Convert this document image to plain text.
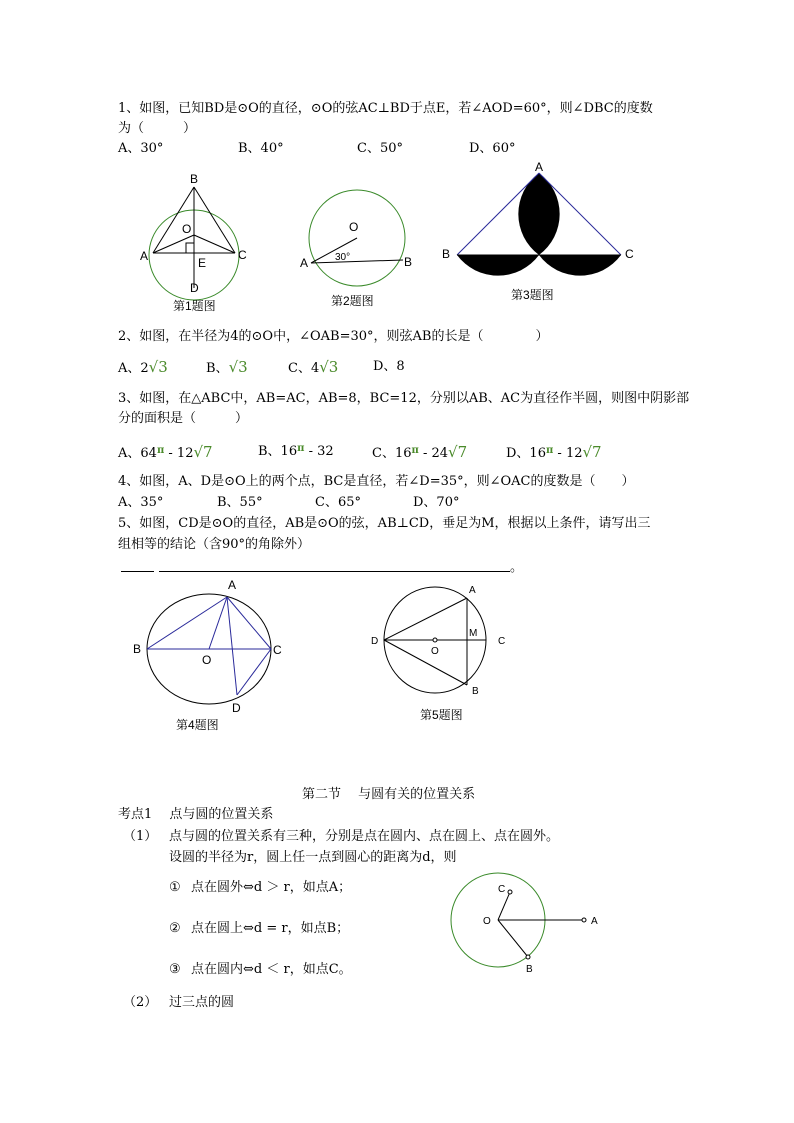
1、如图，已知BD是⊙O的直径，⊙O的弦AC⊥BD于点E，若∠AOD=60°，则∠DBC的度数
为（　　　）
A、30°	B、40°	C、50°	D、60°
B
O
A	C
E
D
第1题图
O
30°
A	B
第2题图
A
B	C
第3题图
2、如图，在半径为4的⊙O中，∠OAB=30°，则弦AB的长是（　　　　）
A、2√3	B、√3	C、4√3	D、8
3、如图，在△ABC中，AB=AC，AB=8，BC=12，分别以AB、AC为直径作半圆，则图中阴影部
分的面积是（　　　）
A、64π - 12√7	B、16π - 32	C、16π - 24√7	D、16π - 12√7
4、如图，A、D是⊙O上的两个点，BC是直径，若∠D=35°，则∠OAC的度数是（　　）
A、35°	B、55°	C、65°	D、70°
5、如图，CD是⊙O的直径，AB是⊙O的弦，AB⊥CD，垂足为M，根据以上条件，请写出三
组相等的结论（含90°的角除外）
。
A
B
O
C
D
第4题图
A
D
M
C
O
B
第5题图
第二节　 与圆有关的位置关系
考点1　 点与圆的位置关系
（1） 点与圆的位置关系有三种，分别是点在圆内、点在圆上、点在圆外。
设圆的半径为r，圆上任一点到圆心的距离为d，则
① 点在圆外⇔d ＞ r，如点A；
② 点在圆上⇔d = r，如点B；
③ 点在圆内⇔d ＜ r，如点C。
C
O	A
B
（2） 过三点的圆
